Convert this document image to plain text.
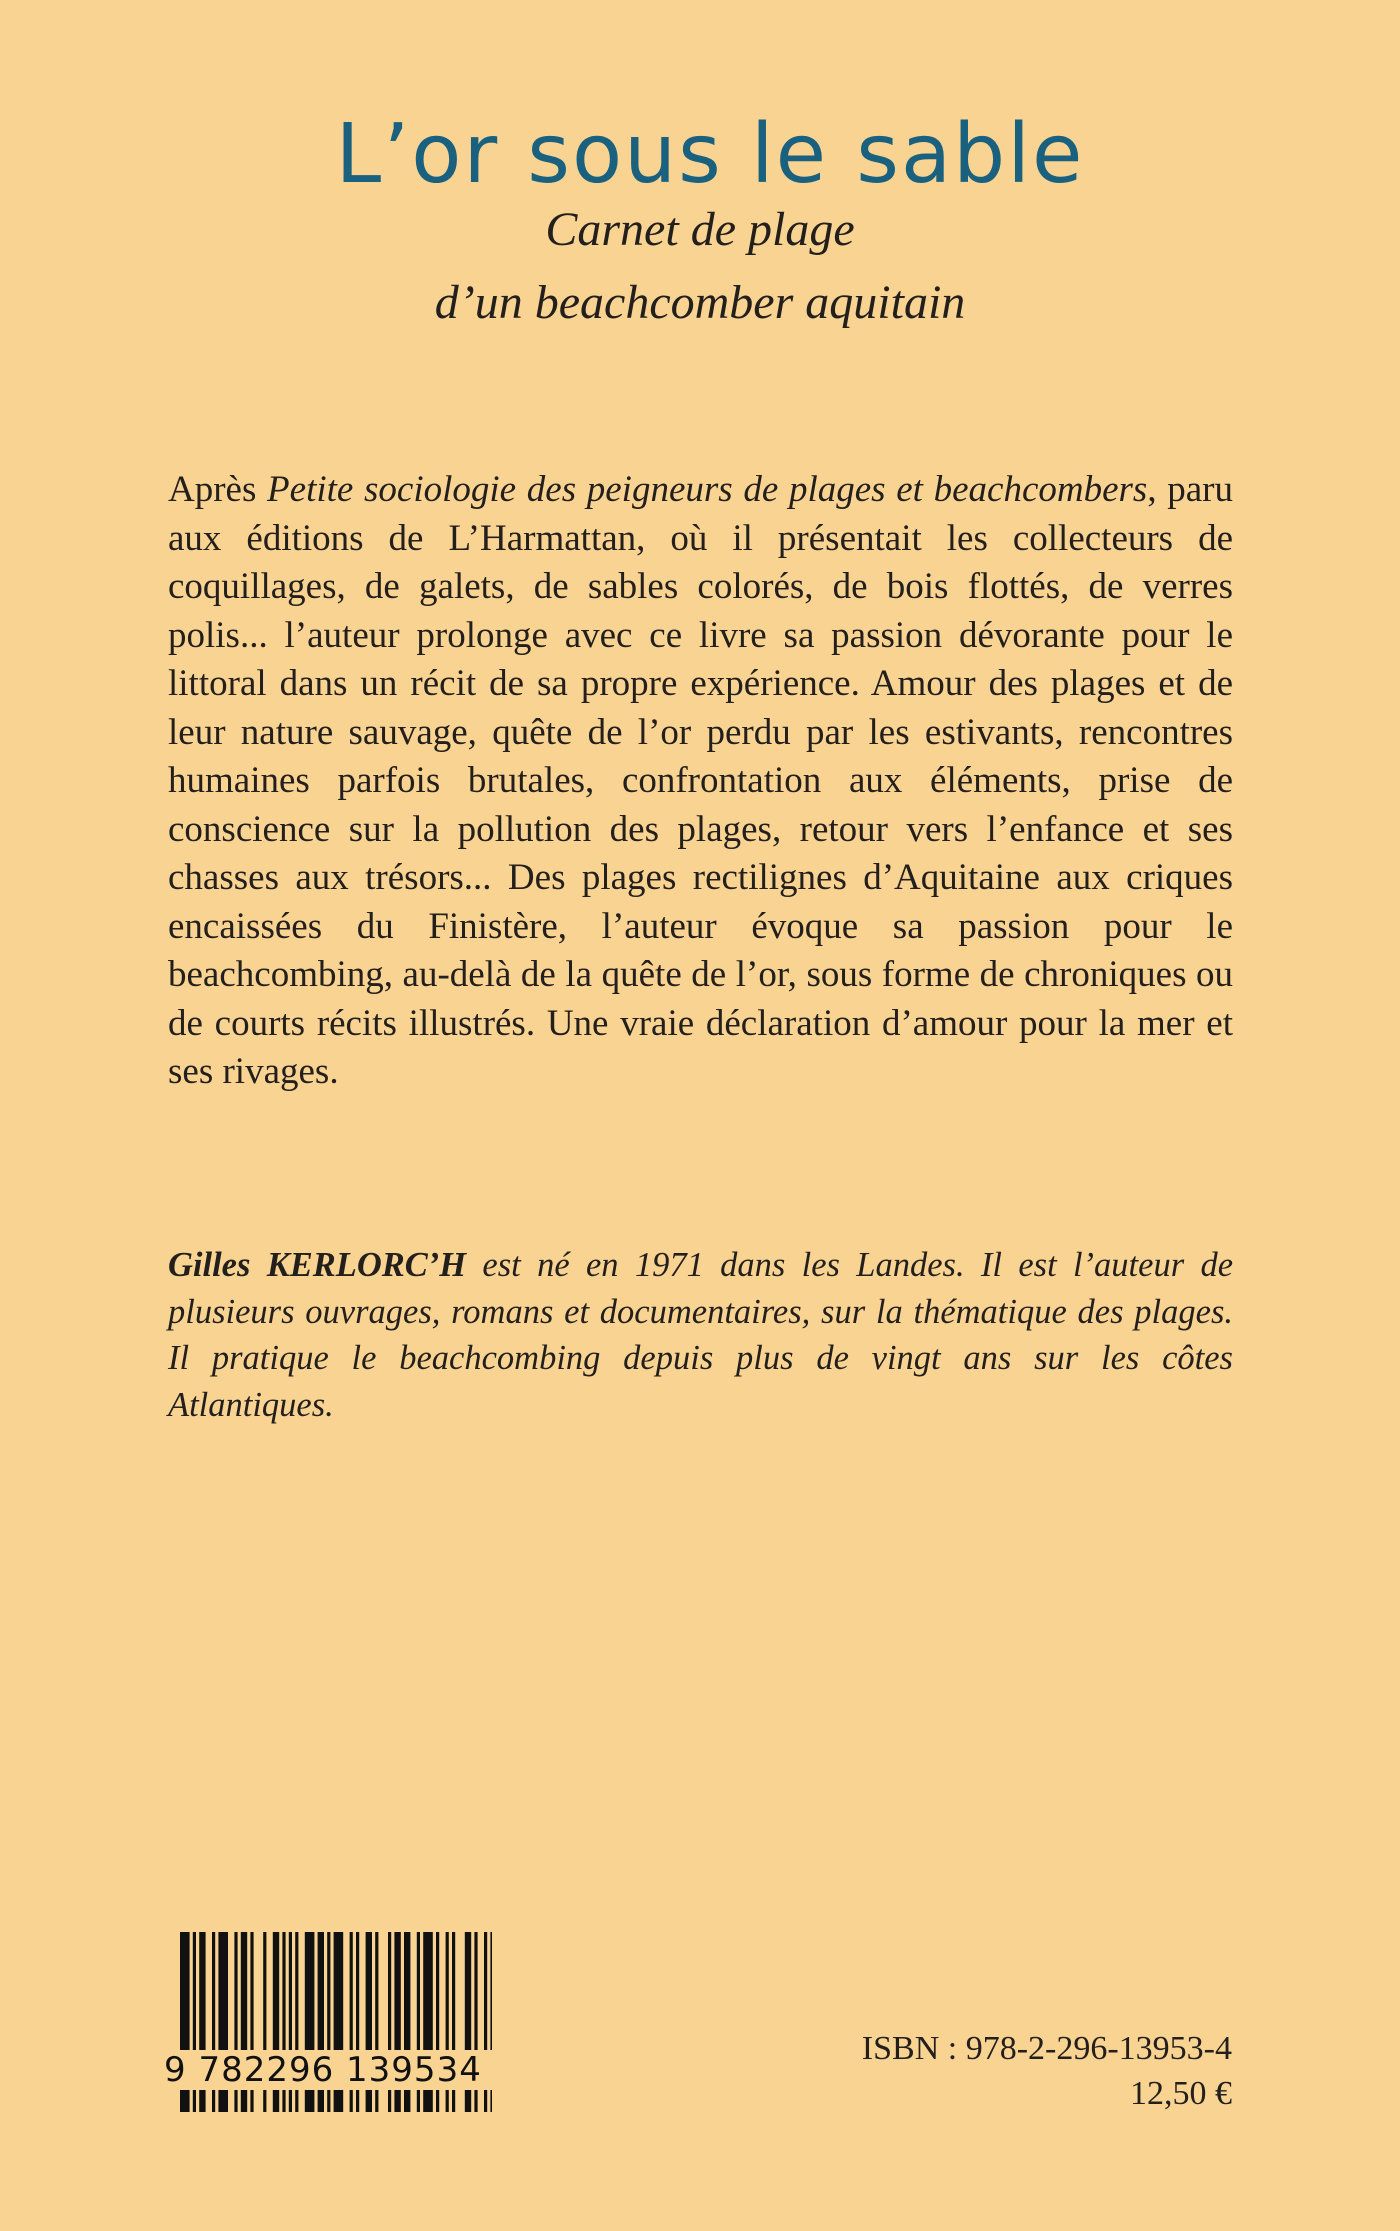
L’or sous le sable
Carnet de plage
d’un beachcomber aquitain

Après Petite sociologie des peigneurs de plages et beachcombers, paru aux éditions de L’Harmattan, où il présentait les collecteurs de coquillages, de galets, de sables colorés, de bois flottés, de verres polis... l’auteur prolonge avec ce livre sa passion dévorante pour le littoral dans un récit de sa propre expérience. Amour des plages et de leur nature sauvage, quête de l’or perdu par les estivants, rencontres humaines parfois brutales, confrontation aux éléments, prise de conscience sur la pollution des plages, retour vers l’enfance et ses chasses aux trésors... Des plages rectilignes d’Aquitaine aux criques encaissées du Finistère, l’auteur évoque sa passion pour le beachcombing, au-delà de la quête de l’or, sous forme de chroniques ou de courts récits illustrés. Une vraie déclaration d’amour pour la mer et ses rivages.

Gilles KERLORC’H est né en 1971 dans les Landes. Il est l’auteur de plusieurs ouvrages, romans et documentaires, sur la thématique des plages. Il pratique le beachcombing depuis plus de vingt ans sur les côtes Atlantiques.

9 782296 139534
ISBN : 978-2-296-13953-4
12,50 €
